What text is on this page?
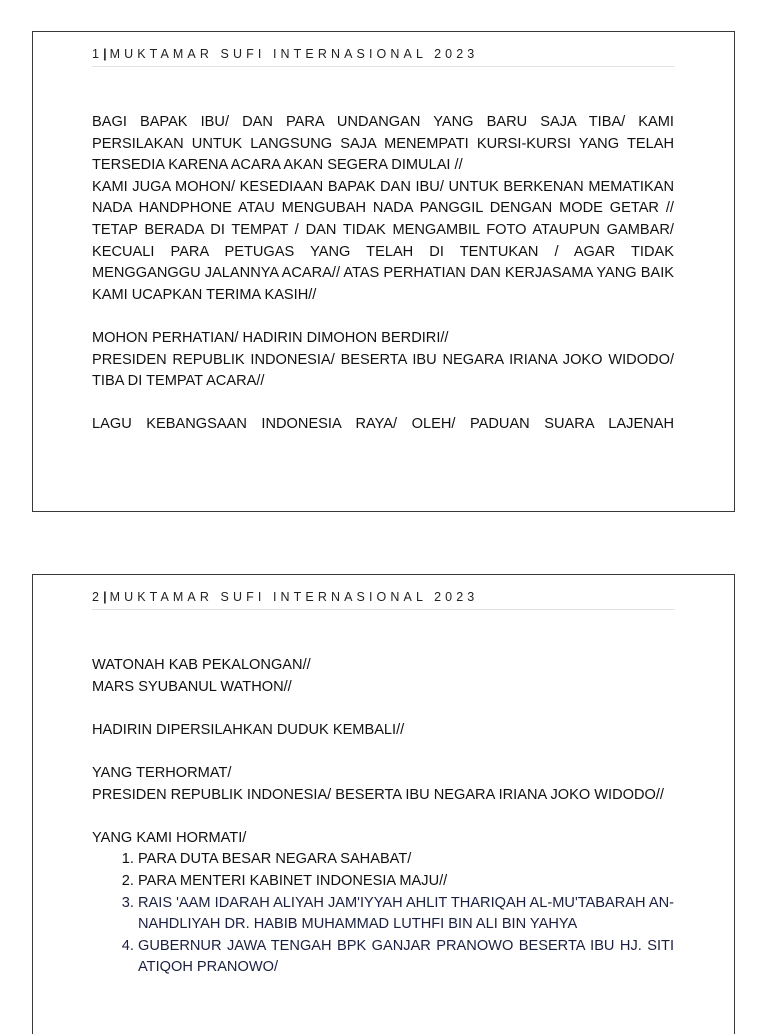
1|MUKTAMAR SUFI INTERNASIONAL 2023

BAGI BAPAK IBU/ DAN PARA UNDANGAN YANG BARU SAJA TIBA/ KAMI PERSILAKAN UNTUK LANGSUNG SAJA MENEMPATI KURSI-KURSI YANG TELAH TERSEDIA KARENA ACARA AKAN SEGERA DIMULAI //

KAMI JUGA MOHON/ KESEDIAAN BAPAK DAN IBU/ UNTUK BERKENAN MEMATIKAN NADA HANDPHONE ATAU MENGUBAH NADA PANGGIL DENGAN MODE GETAR // TETAP BERADA DI TEMPAT / DAN TIDAK MENGAMBIL FOTO ATAUPUN GAMBAR/ KECUALI PARA PETUGAS YANG TELAH DI TENTUKAN / AGAR TIDAK MENGGANGGU JALANNYA ACARA// ATAS PERHATIAN DAN KERJASAMA YANG BAIK KAMI UCAPKAN TERIMA KASIH//

MOHON PERHATIAN/ HADIRIN DIMOHON BERDIRI//

PRESIDEN REPUBLIK INDONESIA/ BESERTA IBU NEGARA IRIANA JOKO WIDODO/ TIBA DI TEMPAT ACARA//

LAGU KEBANGSAAN INDONESIA RAYA/ OLEH/ PADUAN SUARA LAJENAH

2|MUKTAMAR SUFI INTERNASIONAL 2023

WATONAH KAB PEKALONGAN//

MARS SYUBANUL WATHON//

HADIRIN DIPERSILAHKAN DUDUK KEMBALI//

YANG TERHORMAT/

PRESIDEN REPUBLIK INDONESIA/ BESERTA IBU NEGARA IRIANA JOKO WIDODO//

YANG KAMI HORMATI/

1. PARA DUTA BESAR NEGARA SAHABAT/
2. PARA MENTERI KABINET INDONESIA MAJU//
3. RAIS 'AAM IDARAH ALIYAH JAM'IYYAH AHLIT THARIQAH AL-MU'TABARAH AN-NAHDLIYAH DR. HABIB MUHAMMAD LUTHFI BIN ALI BIN YAHYA
4. GUBERNUR JAWA TENGAH BPK GANJAR PRANOWO BESERTA IBU HJ. SITI ATIQOH PRANOWO/
